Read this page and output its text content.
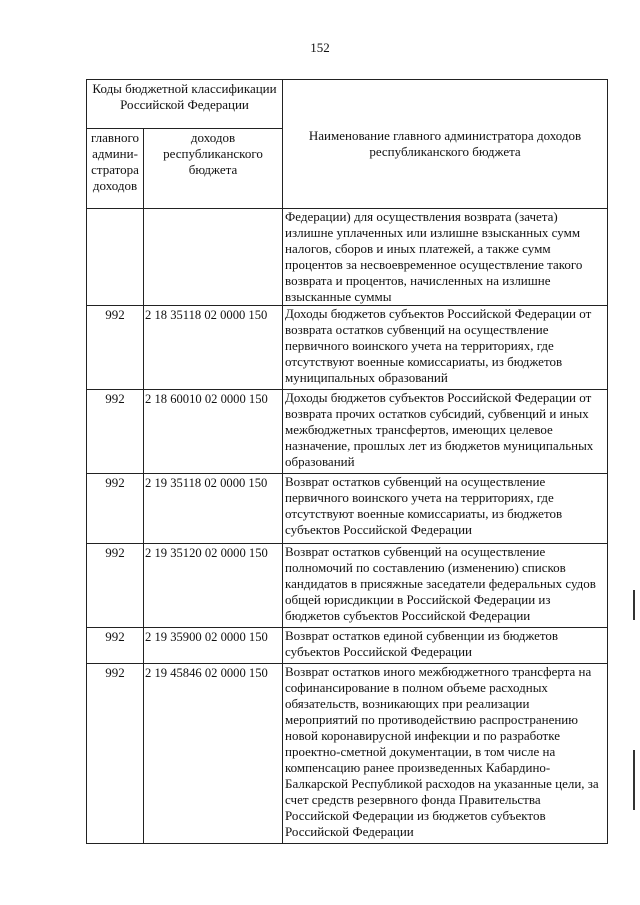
152
Коды бюджетной классификации Российской Федерации		Наименование главного администратора доходов республиканского бюджета
главного админи-стратора доходов	доходов республиканского бюджета	
		Федерации) для осуществления возврата (зачета) излишне уплаченных или излишне взысканных сумм налогов, сборов и иных платежей, а также сумм процентов за несвоевременное осуществление такого возврата и процентов, начисленных на излишне взысканные суммы
992	2 18 35118 02 0000 150	Доходы бюджетов субъектов Российской Федерации от возврата остатков субвенций на осуществление первичного воинского учета на территориях, где отсутствуют военные комиссариаты, из бюджетов муниципальных образований
992	2 18 60010 02 0000 150	Доходы бюджетов субъектов Российской Федерации от возврата прочих остатков субсидий, субвенций и иных межбюджетных трансфертов, имеющих целевое назначение, прошлых лет из бюджетов муниципальных образований
992	2 19 35118 02 0000 150	Возврат остатков субвенций на осуществление первичного воинского учета на территориях, где отсутствуют военные комиссариаты, из бюджетов субъектов Российской Федерации
992	2 19 35120 02 0000 150	Возврат остатков субвенций на осуществление полномочий по составлению (изменению) списков кандидатов в присяжные заседатели федеральных судов общей юрисдикции в Российской Федерации из бюджетов субъектов Российской Федерации
992	2 19 35900 02 0000 150	Возврат остатков единой субвенции из бюджетов субъектов Российской Федерации
992	2 19 45846 02 0000 150	Возврат остатков иного межбюджетного трансферта на софинансирование в полном объеме расходных обязательств, возникающих при реализации мероприятий по противодействию распространению новой коронавирусной инфекции и по разработке проектно-сметной документации, в том числе на компенсацию ранее произведенных Кабардино-Балкарской Республикой расходов на указанные цели, за счет средств резервного фонда Правительства Российской Федерации из бюджетов субъектов Российской Федерации
